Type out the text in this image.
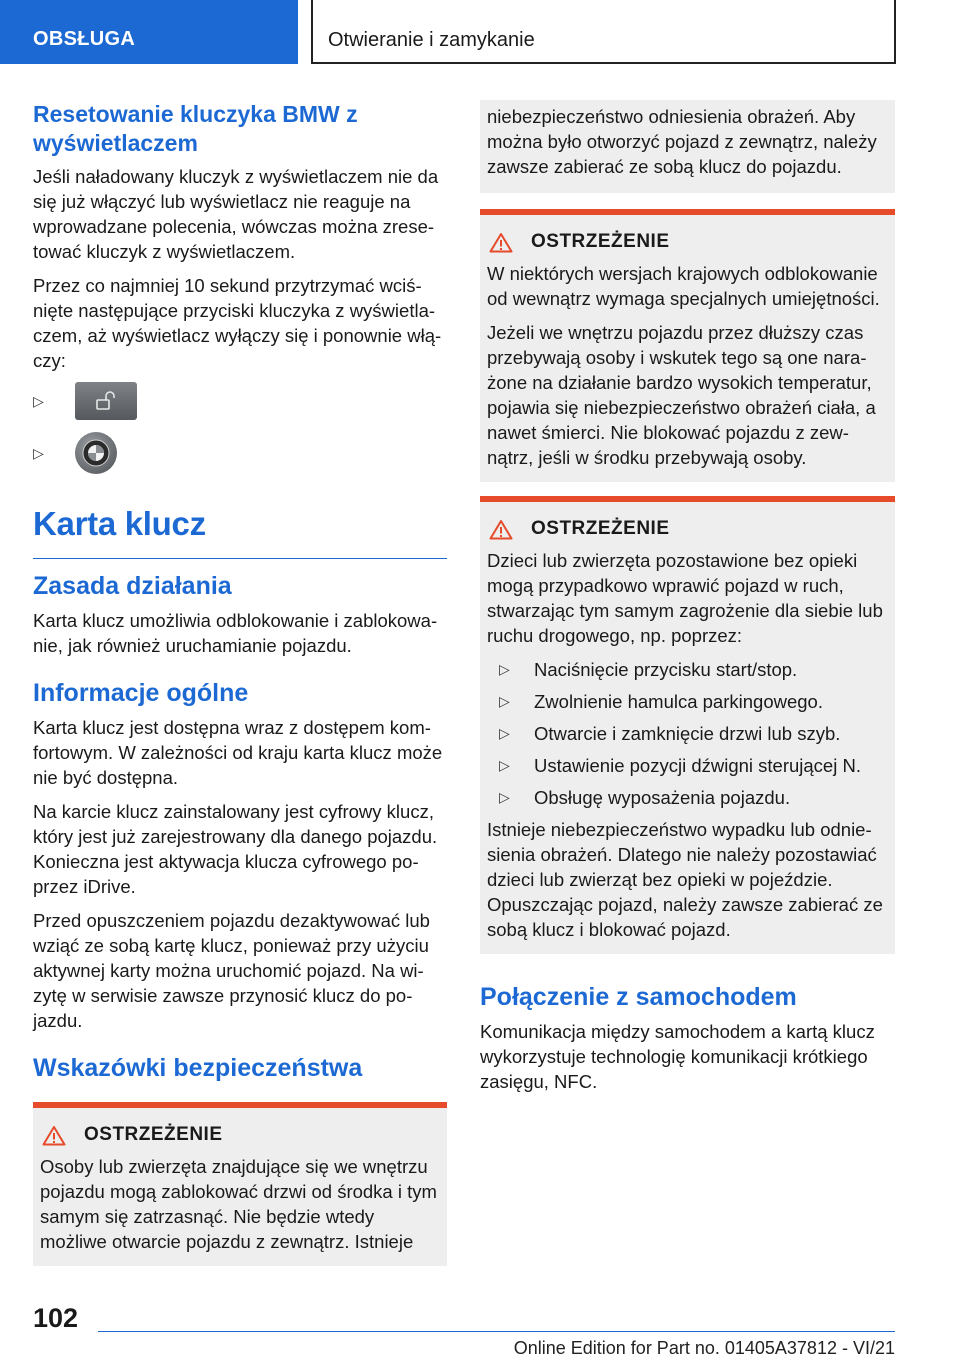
OBSŁUGA	Otwieranie i zamykanie
Resetowanie kluczyka BMW z wyświetlaczem

Jeśli naładowany kluczyk z wyświetlaczem nie da się już włączyć lub wyświetlacz nie reaguje na wprowadzane polecenia, wówczas można zresetować kluczyk z wyświetlaczem.

Przez co najmniej 10 sekund przytrzymać wciśnięte następujące przyciski kluczyka z wyświetlaczem, aż wyświetlacz wyłączy się i ponownie włączy:

▷
▷
Karta klucz
Zasada działania

Karta klucz umożliwia odblokowanie i zablokowanie, jak również uruchamianie pojazdu.

Informacje ogólne

Karta klucz jest dostępna wraz z dostępem komfortowym. W zależności od kraju karta klucz może nie być dostępna.

Na karcie klucz zainstalowany jest cyfrowy klucz, który jest już zarejestrowany dla danego pojazdu. Konieczna jest aktywacja klucza cyfrowego poprzez iDrive.

Przed opuszczeniem pojazdu dezaktywować lub wziąć ze sobą kartę klucz, ponieważ przy użyciu aktywnej karty można uruchomić pojazd. Na wizytę w serwisie zawsze przynosić klucz do pojazdu.

Wskazówki bezpieczeństwa
OSTRZEŻENIE

Osoby lub zwierzęta znajdujące się we wnętrzu pojazdu mogą zablokować drzwi od środka i tym samym się zatrzasnąć. Nie będzie wtedy możliwe otwarcie pojazdu z zewnątrz. Istnieje

niebezpieczeństwo odniesienia obrażeń. Aby można było otworzyć pojazd z zewnątrz, należy zawsze zabierać ze sobą klucz do pojazdu.

OSTRZEŻENIE

W niektórych wersjach krajowych odblokowanie od wewnątrz wymaga specjalnych umiejętności.

Jeżeli we wnętrzu pojazdu przez dłuższy czas przebywają osoby i wskutek tego są one narażone na działanie bardzo wysokich temperatur, pojawia się niebezpieczeństwo obrażeń ciała, a nawet śmierci. Nie blokować pojazdu z zewnątrz, jeśli w środku przebywają osoby.

OSTRZEŻENIE

Dzieci lub zwierzęta pozostawione bez opieki mogą przypadkowo wprawić pojazd w ruch, stwarzając tym samym zagrożenie dla siebie lub ruchu drogowego, np. poprzez:

▷	Naciśnięcie przycisku start/stop.
▷	Zwolnienie hamulca parkingowego.
▷	Otwarcie i zamknięcie drzwi lub szyb.
▷	Ustawienie pozycji dźwigni sterującej N.
▷	Obsługę wyposażenia pojazdu.

Istnieje niebezpieczeństwo wypadku lub odniesienia obrażeń. Dlatego nie należy pozostawiać dzieci lub zwierząt bez opieki w pojeździe. Opuszczając pojazd, należy zawsze zabierać ze sobą klucz i blokować pojazd.

Połączenie z samochodem

Komunikacja między samochodem a kartą klucz wykorzystuje technologię komunikacji krótkiego zasięgu, NFC.

102
Online Edition for Part no. 01405A37812 - VI/21
